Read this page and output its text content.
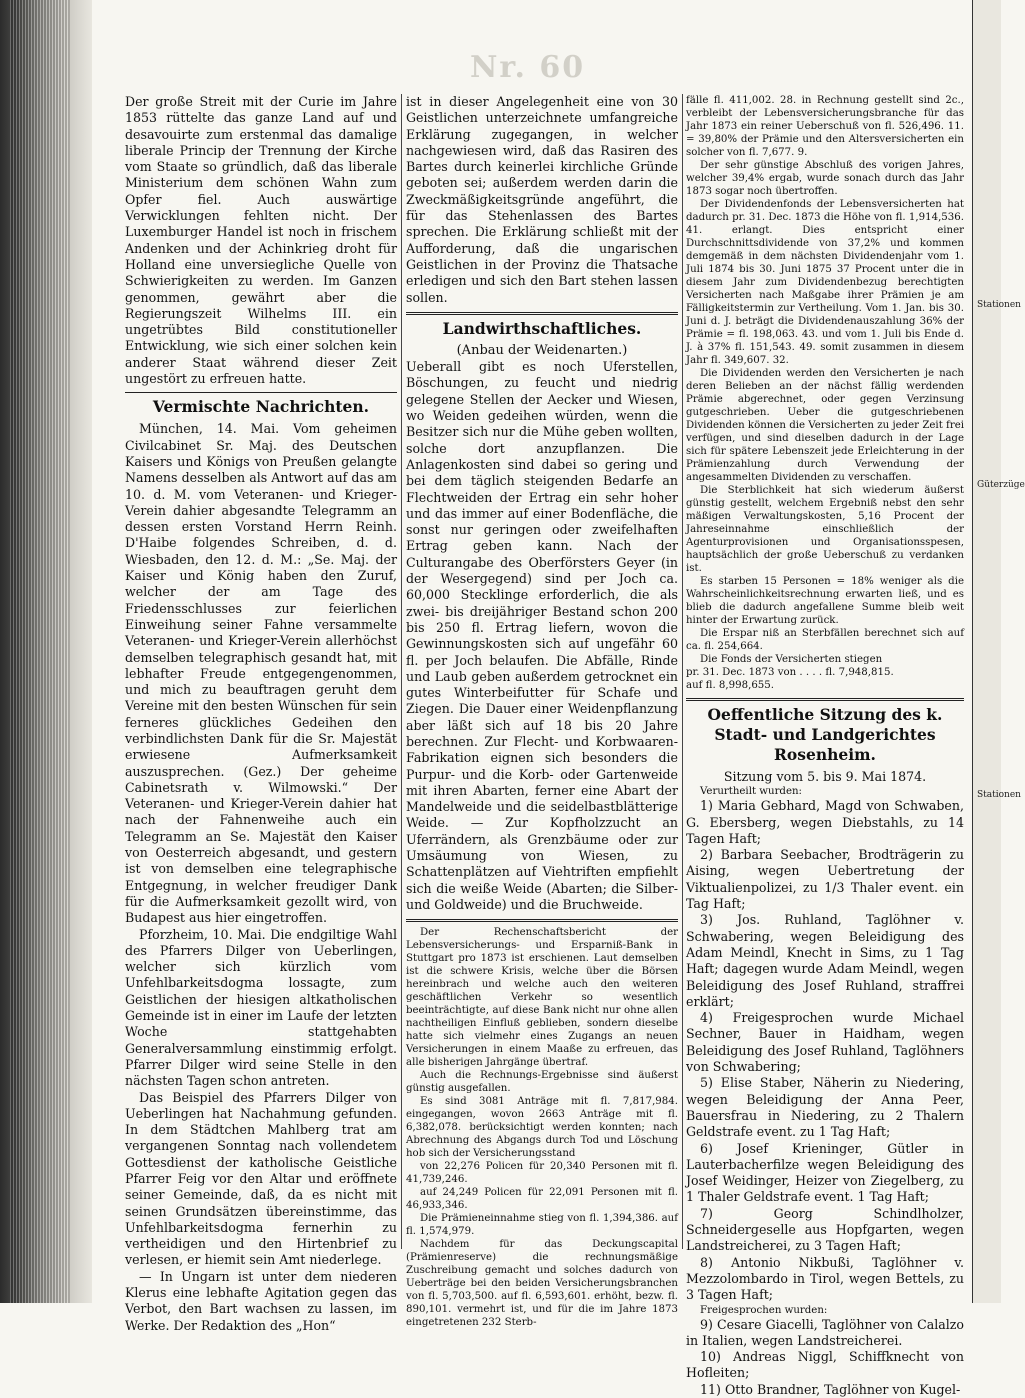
Nr. 60

Der große Streit mit der Curie im Jahre 1853 rüttelte das ganze Land auf und desavouirte zum erstenmal das damalige liberale Princip der Trennung der Kirche vom Staate so gründlich, daß das liberale Ministerium dem schönen Wahn zum Opfer fiel. Auch auswärtige Verwicklungen fehlten nicht. Der Luxemburger Handel ist noch in frischem Andenken und der Achinkrieg droht für Holland eine unversiegliche Quelle von Schwierigkeiten zu werden. Im Ganzen genommen, gewährt aber die Regierungszeit Wilhelms III. ein ungetrübtes Bild constitutioneller Entwicklung, wie sich einer solchen kein anderer Staat während dieser Zeit ungestört zu erfreuen hatte.

Vermischte Nachrichten.

München, 14. Mai. Vom geheimen Civilcabinet Sr. Maj. des Deutschen Kaisers und Königs von Preußen gelangte Namens desselben als Antwort auf das am 10. d. M. vom Veteranen- und Krieger-Verein dahier abgesandte Telegramm an dessen ersten Vorstand Herrn Reinh. D'Haibe folgendes Schreiben, d. d. Wiesbaden, den 12. d. M.: „Se. Maj. der Kaiser und König haben den Zuruf, welcher der am Tage des Friedensschlusses zur feierlichen Einweihung seiner Fahne versammelte Veteranen- und Krieger-Verein allerhöchst demselben telegraphisch gesandt hat, mit lebhafter Freude entgegengenommen, und mich zu beauftragen geruht dem Vereine mit den besten Wünschen für sein ferneres glückliches Gedeihen den verbindlichsten Dank für die Sr. Majestät erwiesene Aufmerksamkeit auszusprechen. (Gez.) Der geheime Cabinetsrath v. Wilmowski.“ Der Veteranen- und Krieger-Verein dahier hat nach der Fahnenweihe auch ein Telegramm an Se. Majestät den Kaiser von Oesterreich abgesandt, und gestern ist von demselben eine telegraphische Entgegnung, in welcher freudiger Dank für die Aufmerksamkeit gezollt wird, von Budapest aus hier eingetroffen.

Pforzheim, 10. Mai. Die endgiltige Wahl des Pfarrers Dilger von Ueberlingen, welcher sich kürzlich vom Unfehlbarkeitsdogma lossagte, zum Geistlichen der hiesigen altkatholischen Gemeinde ist in einer im Laufe der letzten Woche stattgehabten Generalversammlung einstimmig erfolgt. Pfarrer Dilger wird seine Stelle in den nächsten Tagen schon antreten.

Das Beispiel des Pfarrers Dilger von Ueberlingen hat Nachahmung gefunden. In dem Städtchen Mahlberg trat am vergangenen Sonntag nach vollendetem Gottesdienst der katholische Geistliche Pfarrer Feig vor den Altar und eröffnete seiner Gemeinde, daß, da es nicht mit seinen Grundsätzen übereinstimme, das Unfehlbarkeitsdogma fernerhin zu vertheidigen und den Hirtenbrief zu verlesen, er hiemit sein Amt niederlege.

— In Ungarn ist unter dem niederen Klerus eine lebhafte Agitation gegen das Verbot, den Bart wachsen zu lassen, im Werke. Der Redaktion des „Hon“

ist in dieser Angelegenheit eine von 30 Geistlichen unterzeichnete umfangreiche Erklärung zugegangen, in welcher nachgewiesen wird, daß das Rasiren des Bartes durch keinerlei kirchliche Gründe geboten sei; außerdem werden darin die Zweckmäßigkeitsgründe angeführt, die für das Stehenlassen des Bartes sprechen. Die Erklärung schließt mit der Aufforderung, daß die ungarischen Geistlichen in der Provinz die Thatsache erledigen und sich den Bart stehen lassen sollen.

Landwirthschaftliches.
(Anbau der Weidenarten.)

Ueberall gibt es noch Uferstellen, Böschungen, zu feucht und niedrig gelegene Stellen der Aecker und Wiesen, wo Weiden gedeihen würden, wenn die Besitzer sich nur die Mühe geben wollten, solche dort anzupflanzen. Die Anlagenkosten sind dabei so gering und bei dem täglich steigenden Bedarfe an Flechtweiden der Ertrag ein sehr hoher und das immer auf einer Bodenfläche, die sonst nur geringen oder zweifelhaften Ertrag geben kann. Nach der Culturangabe des Oberförsters Geyer (in der Wesergegend) sind per Joch ca. 60,000 Stecklinge erforderlich, die als zwei- bis dreijähriger Bestand schon 200 bis 250 fl. Ertrag liefern, wovon die Gewinnungskosten sich auf ungefähr 60 fl. per Joch belaufen. Die Abfälle, Rinde und Laub geben außerdem getrocknet ein gutes Winterbeifutter für Schafe und Ziegen. Die Dauer einer Weidenpflanzung aber läßt sich auf 18 bis 20 Jahre berechnen. Zur Flecht- und Korbwaaren-Fabrikation eignen sich besonders die Purpur- und die Korb- oder Gartenweide mit ihren Abarten, ferner eine Abart der Mandelweide und die seidelbastblätterige Weide. — Zur Kopfholzzucht an Uferrändern, als Grenzbäume oder zur Umsäumung von Wiesen, zu Schattenplätzen auf Viehtriften empfiehlt sich die weiße Weide (Abarten; die Silber- und Goldweide) und die Bruchweide.

Der Rechenschaftsbericht der Lebensversicherungs- und Ersparniß-Bank in Stuttgart pro 1873 ist erschienen. Laut demselben ist die schwere Krisis, welche über die Börsen hereinbrach und welche auch den weiteren geschäftlichen Verkehr so wesentlich beeinträchtigte, auf diese Bank nicht nur ohne allen nachtheiligen Einfluß geblieben, sondern dieselbe hatte sich vielmehr eines Zugangs an neuen Versicherungen in einem Maaße zu erfreuen, das alle bisherigen Jahrgänge übertraf.

Auch die Rechnungs-Ergebnisse sind äußerst günstig ausgefallen.

Es sind 3081 Anträge mit fl. 7,817,984. eingegangen, wovon 2663 Anträge mit fl. 6,382,078. berücksichtigt werden konnten; nach Abrechnung des Abgangs durch Tod und Löschung hob sich der Versicherungsstand

von 22,276 Policen für 20,340 Personen mit fl. 41,739,246.

auf 24,249 Policen für 22,091 Personen mit fl. 46,933,346.

Die Prämieneinnahme stieg von fl. 1,394,386. auf fl. 1,574,979.

Nachdem für das Deckungscapital (Prämienreserve) die rechnungsmäßige Zuschreibung gemacht und solches dadurch von Ueberträge bei den beiden Versicherungsbranchen von fl. 5,703,500. auf fl. 6,593,601. erhöht, bezw. fl. 890,101. vermehrt ist, und für die im Jahre 1873 eingetretenen 232 Sterb-

fälle fl. 411,002. 28. in Rechnung gestellt sind 2c., verbleibt der Lebensversicherungsbranche für das Jahr 1873 ein reiner Ueberschuß von fl. 526,496. 11. = 39,80% der Prämie und den Altersversicherten ein solcher von fl. 7,677. 9.

Der sehr günstige Abschluß des vorigen Jahres, welcher 39,4% ergab, wurde sonach durch das Jahr 1873 sogar noch übertroffen.

Der Dividendenfonds der Lebensversicherten hat dadurch pr. 31. Dec. 1873 die Höhe von fl. 1,914,536. 41. erlangt. Dies entspricht einer Durchschnittsdividende von 37,2% und kommen demgemäß in dem nächsten Dividendenjahr vom 1. Juli 1874 bis 30. Juni 1875 37 Procent unter die in diesem Jahr zum Dividendenbezug berechtigten Versicherten nach Maßgabe ihrer Prämien je am Fälligkeitstermin zur Vertheilung. Vom 1. Jan. bis 30. Juni d. J. beträgt die Dividendenauszahlung 36% der Prämie = fl. 198,063. 43. und vom 1. Juli bis Ende d. J. à 37% fl. 151,543. 49. somit zusammen in diesem Jahr fl. 349,607. 32.

Die Dividenden werden den Versicherten je nach deren Belieben an der nächst fällig werdenden Prämie abgerechnet, oder gegen Verzinsung gutgeschrieben. Ueber die gutgeschriebenen Dividenden können die Versicherten zu jeder Zeit frei verfügen, und sind dieselben dadurch in der Lage sich für spätere Lebenszeit jede Erleichterung in der Prämienzahlung durch Verwendung der angesammelten Dividenden zu verschaffen.

Die Sterblichkeit hat sich wiederum äußerst günstig gestellt, welchem Ergebniß nebst den sehr mäßigen Verwaltungskosten, 5,16 Procent der Jahreseinnahme einschließlich der Agenturprovisionen und Organisationsspesen, hauptsächlich der große Ueberschuß zu verdanken ist.

Es starben 15 Personen = 18% weniger als die Wahrscheinlichkeitsrechnung erwarten ließ, und es blieb die dadurch angefallene Summe bleib weit hinter der Erwartung zurück.

Die Erspar niß an Sterbfällen berechnet sich auf ca. fl. 254,664.

Die Fonds der Versicherten stiegen

pr. 31. Dec. 1873 von . . . . fl. 7,948,815.

auf fl. 8,998,655.

Oeffentliche Sitzung des k. Stadt- und Landgerichtes Rosenheim.
Sitzung vom 5. bis 9. Mai 1874.

Verurtheilt wurden:

1) Maria Gebhard, Magd von Schwaben, G. Ebersberg, wegen Diebstahls, zu 14 Tagen Haft;

2) Barbara Seebacher, Brodträgerin zu Aising, wegen Uebertretung der Viktualienpolizei, zu 1/3 Thaler event. ein Tag Haft;

3) Jos. Ruhland, Taglöhner v. Schwabering, wegen Beleidigung des Adam Meindl, Knecht in Sims, zu 1 Tag Haft; dagegen wurde Adam Meindl, wegen Beleidigung des Josef Ruhland, straffrei erklärt;

4) Freigesprochen wurde Michael Sechner, Bauer in Haidham, wegen Beleidigung des Josef Ruhland, Taglöhners von Schwabering;

5) Elise Staber, Näherin zu Niedering, wegen Beleidigung der Anna Peer, Bauersfrau in Niedering, zu 2 Thalern Geldstrafe event. zu 1 Tag Haft;

6) Josef Krieninger, Gütler in Lauterbacherfilze wegen Beleidigung des Josef Weidinger, Heizer von Ziegelberg, zu 1 Thaler Geldstrafe event. 1 Tag Haft;

7) Georg Schindlholzer, Schneidergeselle aus Hopfgarten, wegen Landstreicherei, zu 3 Tagen Haft;

8) Antonio Nikbußi, Taglöhner v. Mezzolombardo in Tirol, wegen Bettels, zu 3 Tagen Haft;

Freigesprochen wurden:

9) Cesare Giacelli, Taglöhner von Calalzo in Italien, wegen Landstreicherei.

10) Andreas Niggl, Schiffknecht von Hofleiten;

11) Otto Brandner, Taglöhner von Kugel-

Stationen
Güterzüge
Stationen
